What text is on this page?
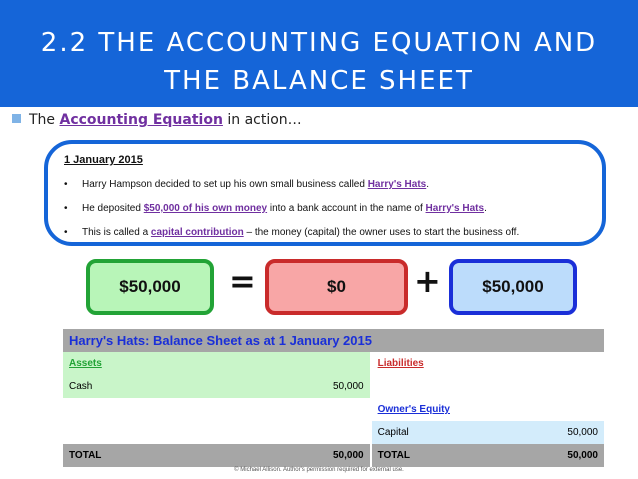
2.2 THE ACCOUNTING EQUATION AND
THE BALANCE SHEET
The Accounting Equation in action…
1 January 2015
• Harry Hampson decided to set up his own small business called Harry's Hats.
• He deposited $50,000 of his own money into a bank account in the name of Harry's Hats.
• This is called a capital contribution – the money (capital) the owner uses to start the business off.
$50,000	=	$0	+	$50,000
Harry's Hats: Balance Sheet as at 1 January 2015			
Assets		Liabilities	
Cash	50,000		
		Owner's Equity	
		Capital	50,000
TOTAL	50,000	TOTAL	50,000
© Michael Allison. Author's permission required for external use.
